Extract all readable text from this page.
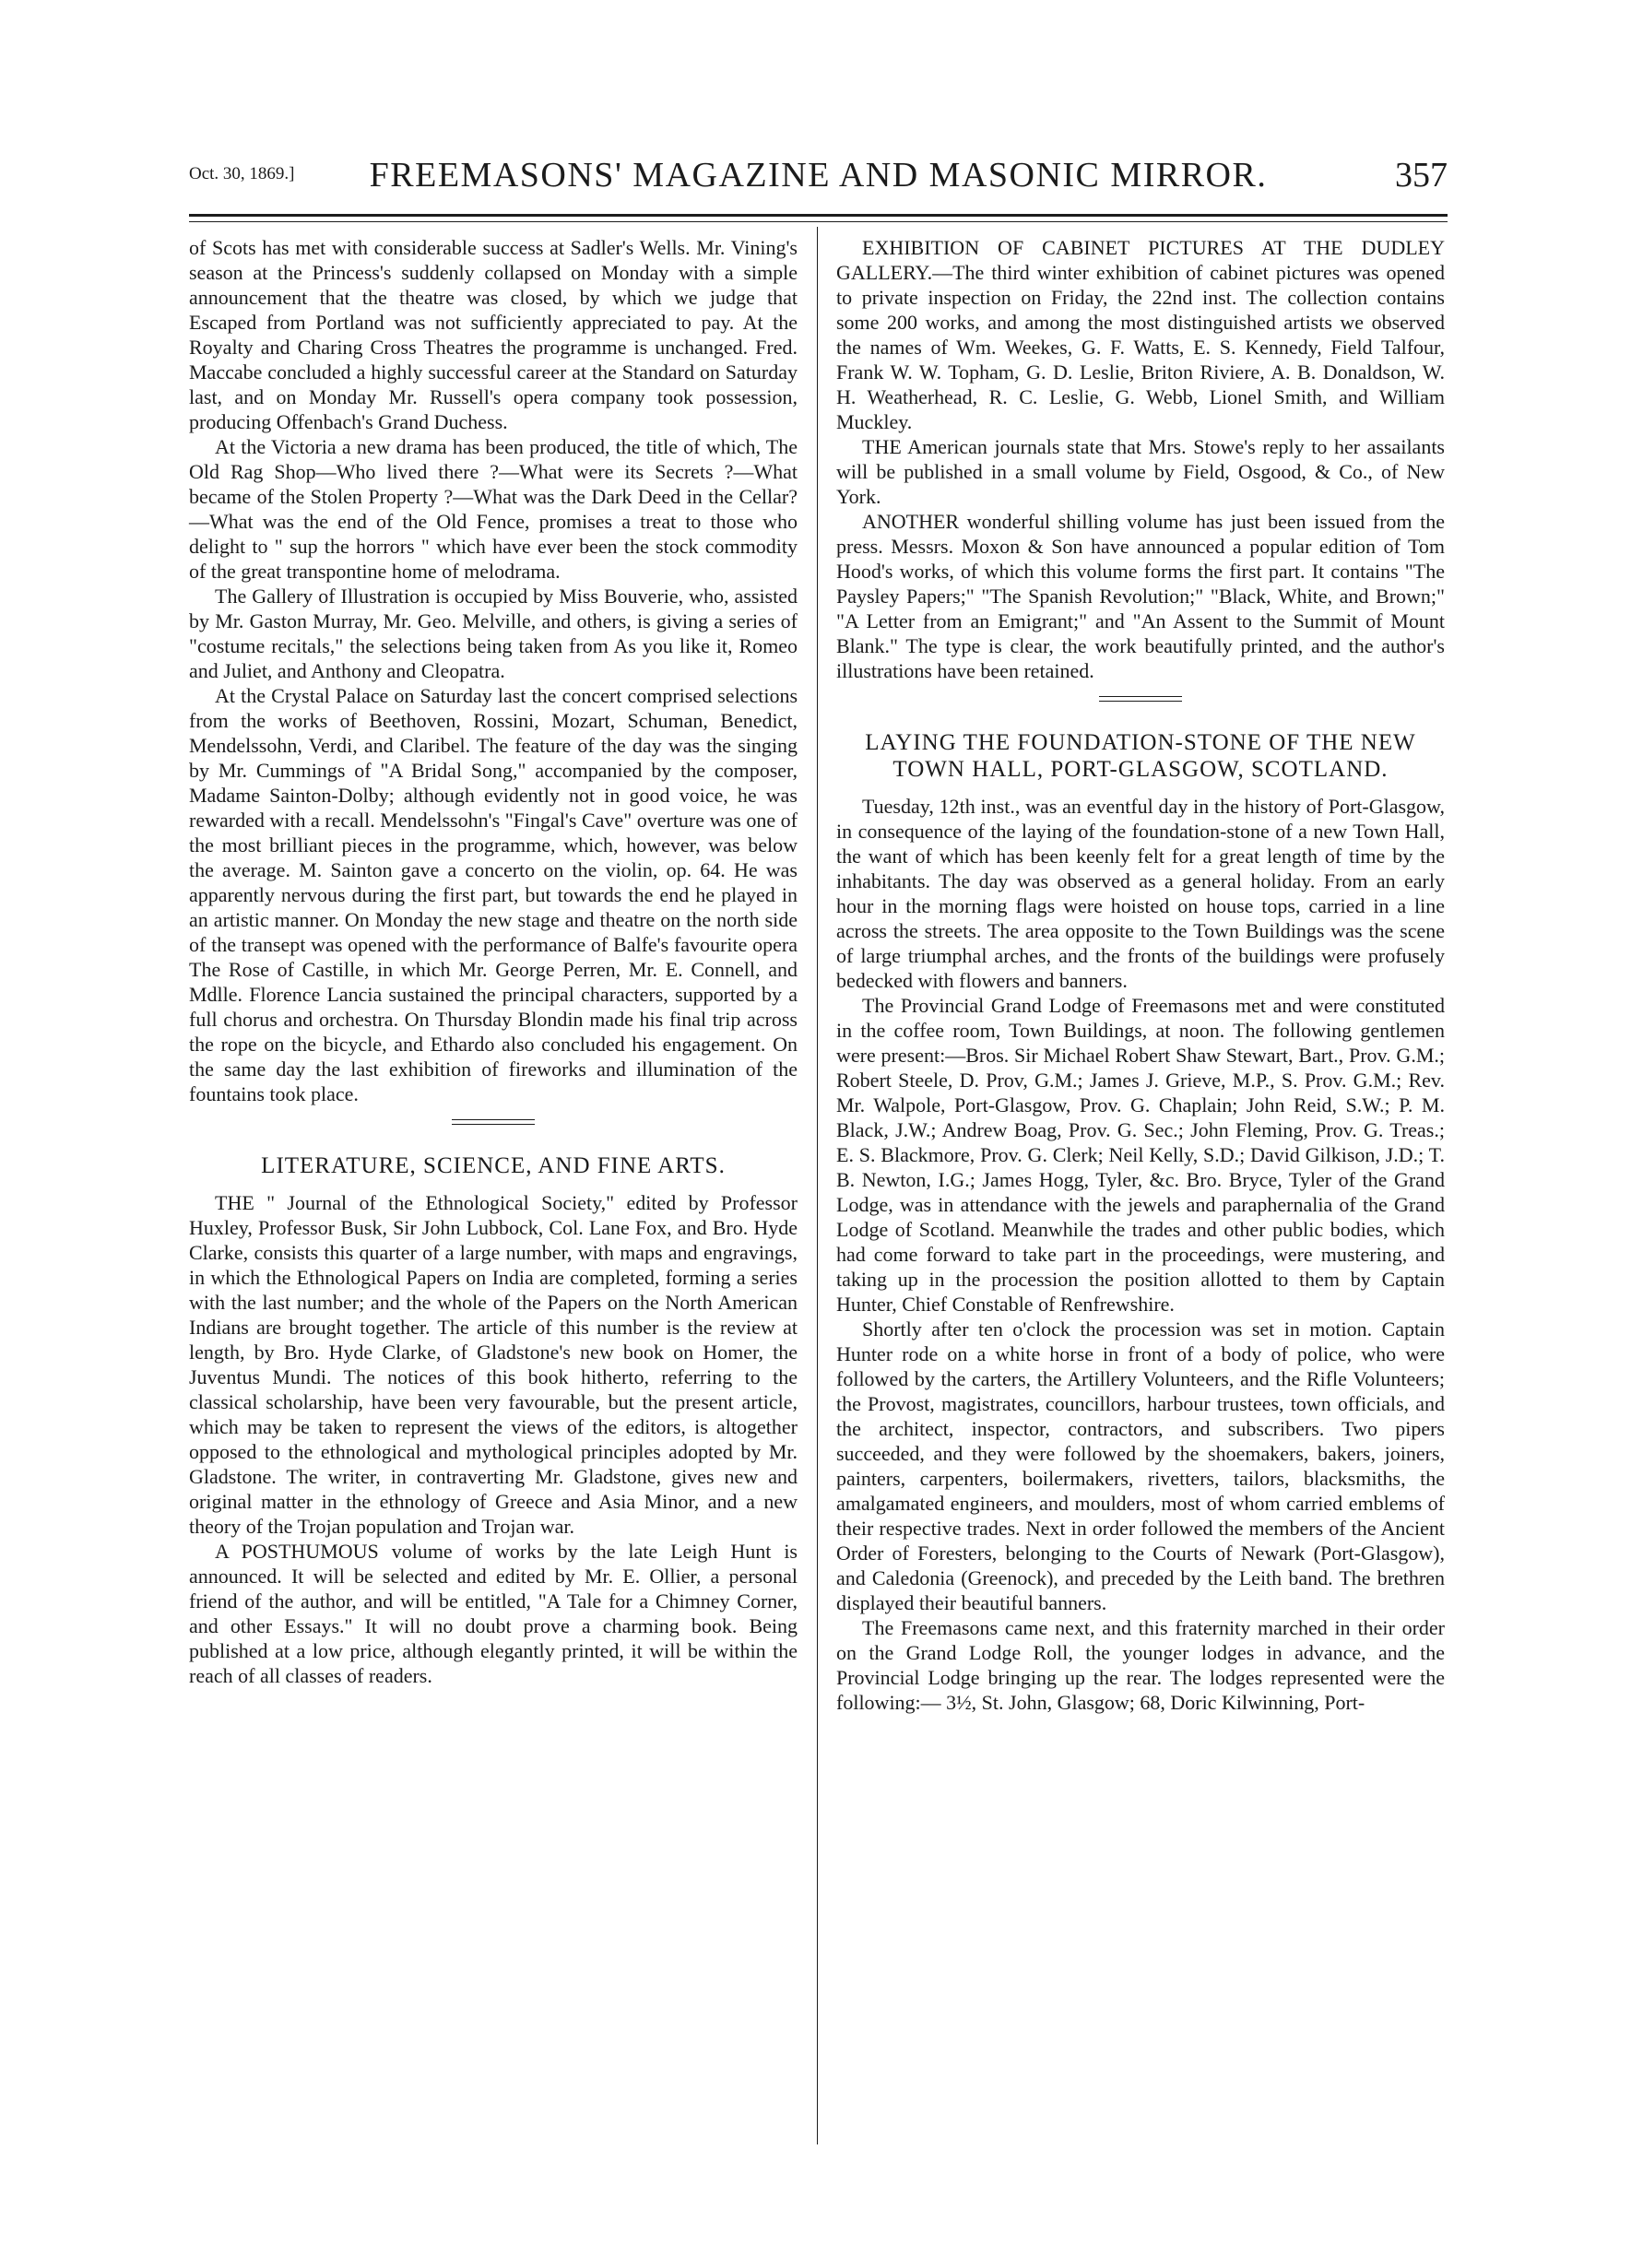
Oct. 30, 1869.]	FREEMASONS' MAGAZINE AND MASONIC MIRROR.	357

of Scots has met with considerable success at Sadler's Wells. Mr. Vining's season at the Princess's suddenly collapsed on Monday with a simple announcement that the theatre was closed, by which we judge that Escaped from Portland was not sufficiently appreciated to pay. At the Royalty and Charing Cross Theatres the programme is unchanged. Fred. Maccabe concluded a highly successful career at the Standard on Saturday last, and on Monday Mr. Russell's opera company took possession, producing Offenbach's Grand Duchess.

At the Victoria a new drama has been produced, the title of which, The Old Rag Shop—Who lived there ?—What were its Secrets ?—What became of the Stolen Property ?—What was the Dark Deed in the Cellar?—What was the end of the Old Fence, promises a treat to those who delight to " sup the horrors " which have ever been the stock commodity of the great transpontine home of melodrama.

The Gallery of Illustration is occupied by Miss Bouverie, who, assisted by Mr. Gaston Murray, Mr. Geo. Melville, and others, is giving a series of "costume recitals," the selections being taken from As you like it, Romeo and Juliet, and Anthony and Cleopatra.

At the Crystal Palace on Saturday last the concert comprised selections from the works of Beethoven, Rossini, Mozart, Schuman, Benedict, Mendelssohn, Verdi, and Claribel. The feature of the day was the singing by Mr. Cummings of "A Bridal Song," accompanied by the composer, Madame Sainton-Dolby; although evidently not in good voice, he was rewarded with a recall. Mendelssohn's "Fingal's Cave" overture was one of the most brilliant pieces in the programme, which, however, was below the average. M. Sainton gave a concerto on the violin, op. 64. He was apparently nervous during the first part, but towards the end he played in an artistic manner. On Monday the new stage and theatre on the north side of the transept was opened with the performance of Balfe's favourite opera The Rose of Castille, in which Mr. George Perren, Mr. E. Connell, and Mdlle. Florence Lancia sustained the principal characters, supported by a full chorus and orchestra. On Thursday Blondin made his final trip across the rope on the bicycle, and Ethardo also concluded his engagement. On the same day the last exhibition of fireworks and illumination of the fountains took place.

LITERATURE, SCIENCE, AND FINE ARTS.

THE " Journal of the Ethnological Society," edited by Professor Huxley, Professor Busk, Sir John Lubbock, Col. Lane Fox, and Bro. Hyde Clarke, consists this quarter of a large number, with maps and engravings, in which the Ethnological Papers on India are completed, forming a series with the last number; and the whole of the Papers on the North American Indians are brought together. The article of this number is the review at length, by Bro. Hyde Clarke, of Gladstone's new book on Homer, the Juventus Mundi. The notices of this book hitherto, referring to the classical scholarship, have been very favourable, but the present article, which may be taken to represent the views of the editors, is altogether opposed to the ethnological and mythological principles adopted by Mr. Gladstone. The writer, in contraverting Mr. Gladstone, gives new and original matter in the ethnology of Greece and Asia Minor, and a new theory of the Trojan population and Trojan war.

A POSTHUMOUS volume of works by the late Leigh Hunt is announced. It will be selected and edited by Mr. E. Ollier, a personal friend of the author, and will be entitled, "A Tale for a Chimney Corner, and other Essays." It will no doubt prove a charming book. Being published at a low price, although elegantly printed, it will be within the reach of all classes of readers.

EXHIBITION OF CABINET PICTURES AT THE DUDLEY GALLERY.—The third winter exhibition of cabinet pictures was opened to private inspection on Friday, the 22nd inst. The collection contains some 200 works, and among the most distinguished artists we observed the names of Wm. Weekes, G. F. Watts, E. S. Kennedy, Field Talfour, Frank W. W. Topham, G. D. Leslie, Briton Riviere, A. B. Donaldson, W. H. Weatherhead, R. C. Leslie, G. Webb, Lionel Smith, and William Muckley.

THE American journals state that Mrs. Stowe's reply to her assailants will be published in a small volume by Field, Osgood, & Co., of New York.

ANOTHER wonderful shilling volume has just been issued from the press. Messrs. Moxon & Son have announced a popular edition of Tom Hood's works, of which this volume forms the first part. It contains "The Paysley Papers;" "The Spanish Revolution;" "Black, White, and Brown;" "A Letter from an Emigrant;" and "An Assent to the Summit of Mount Blank." The type is clear, the work beautifully printed, and the author's illustrations have been retained.

LAYING THE FOUNDATION-STONE OF THE NEW TOWN HALL, PORT-GLASGOW, SCOTLAND.

Tuesday, 12th inst., was an eventful day in the history of Port-Glasgow, in consequence of the laying of the foundation-stone of a new Town Hall, the want of which has been keenly felt for a great length of time by the inhabitants. The day was observed as a general holiday. From an early hour in the morning flags were hoisted on house tops, carried in a line across the streets. The area opposite to the Town Buildings was the scene of large triumphal arches, and the fronts of the buildings were profusely bedecked with flowers and banners.

The Provincial Grand Lodge of Freemasons met and were constituted in the coffee room, Town Buildings, at noon. The following gentlemen were present:—Bros. Sir Michael Robert Shaw Stewart, Bart., Prov. G.M.; Robert Steele, D. Prov, G.M.; James J. Grieve, M.P., S. Prov. G.M.; Rev. Mr. Walpole, Port-Glasgow, Prov. G. Chaplain; John Reid, S.W.; P. M. Black, J.W.; Andrew Boag, Prov. G. Sec.; John Fleming, Prov. G. Treas.; E. S. Blackmore, Prov. G. Clerk; Neil Kelly, S.D.; David Gilkison, J.D.; T. B. Newton, I.G.; James Hogg, Tyler, &c. Bro. Bryce, Tyler of the Grand Lodge, was in attendance with the jewels and paraphernalia of the Grand Lodge of Scotland. Meanwhile the trades and other public bodies, which had come forward to take part in the proceedings, were mustering, and taking up in the procession the position allotted to them by Captain Hunter, Chief Constable of Renfrewshire.

Shortly after ten o'clock the procession was set in motion. Captain Hunter rode on a white horse in front of a body of police, who were followed by the carters, the Artillery Volunteers, and the Rifle Volunteers; the Provost, magistrates, councillors, harbour trustees, town officials, and the architect, inspector, contractors, and subscribers. Two pipers succeeded, and they were followed by the shoemakers, bakers, joiners, painters, carpenters, boilermakers, rivetters, tailors, blacksmiths, the amalgamated engineers, and moulders, most of whom carried emblems of their respective trades. Next in order followed the members of the Ancient Order of Foresters, belonging to the Courts of Newark (Port-Glasgow), and Caledonia (Greenock), and preceded by the Leith band. The brethren displayed their beautiful banners.

The Freemasons came next, and this fraternity marched in their order on the Grand Lodge Roll, the younger lodges in advance, and the Provincial Lodge bringing up the rear. The lodges represented were the following:— 3½, St. John, Glasgow; 68, Doric Kilwinning, Port-
